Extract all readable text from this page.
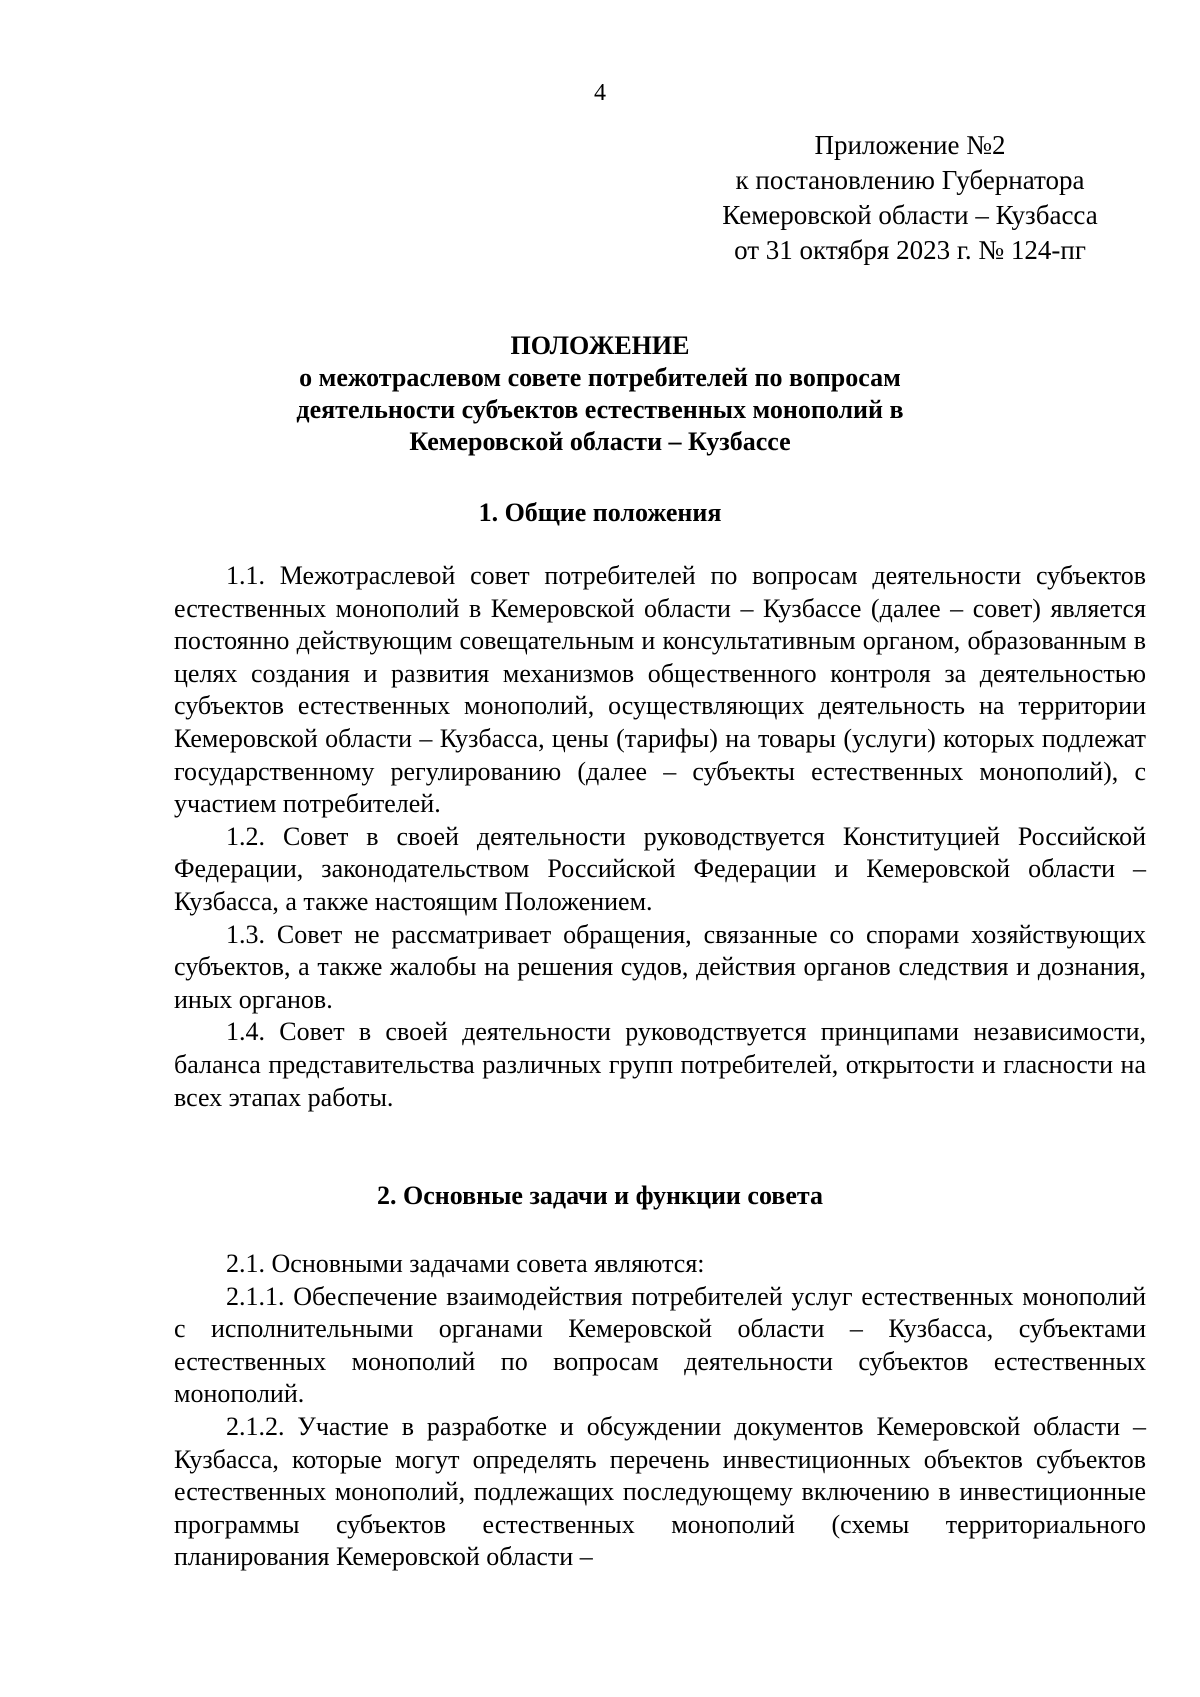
4
Приложение №2
к постановлению Губернатора
Кемеровской области – Кузбасса
от 31 октября 2023 г. № 124-пг
ПОЛОЖЕНИЕ
о межотраслевом совете потребителей по вопросам
деятельности субъектов естественных монополий в
Кемеровской области – Кузбассе
1. Общие положения

1.1. Межотраслевой совет потребителей по вопросам деятельности субъектов естественных монополий в Кемеровской области – Кузбассе (далее – совет) является постоянно действующим совещательным и консультативным органом, образованным в целях создания и развития механизмов общественного контроля за деятельностью субъектов естественных монополий, осуществляющих деятельность на территории Кемеровской области – Кузбасса, цены (тарифы) на товары (услуги) которых подлежат государственному регулированию (далее – субъекты естественных монополий), с участием потребителей.

1.2. Совет в своей деятельности руководствуется Конституцией Российской Федерации, законодательством Российской Федерации и Кемеровской области – Кузбасса, а также настоящим Положением.

1.3. Совет не рассматривает обращения, связанные со спорами хозяйствующих субъектов, а также жалобы на решения судов, действия органов следствия и дознания, иных органов.

1.4. Совет в своей деятельности руководствуется принципами независимости, баланса представительства различных групп потребителей, открытости и гласности на всех этапах работы.

2. Основные задачи и функции совета

2.1. Основными задачами совета являются:

2.1.1. Обеспечение взаимодействия потребителей услуг естественных монополий с исполнительными органами Кемеровской области – Кузбасса, субъектами естественных монополий по вопросам деятельности субъектов естественных монополий.

2.1.2. Участие в разработке и обсуждении документов Кемеровской области – Кузбасса, которые могут определять перечень инвестиционных объектов субъектов естественных монополий, подлежащих последующему включению в инвестиционные программы субъектов естественных монополий (схемы территориального планирования Кемеровской области –
